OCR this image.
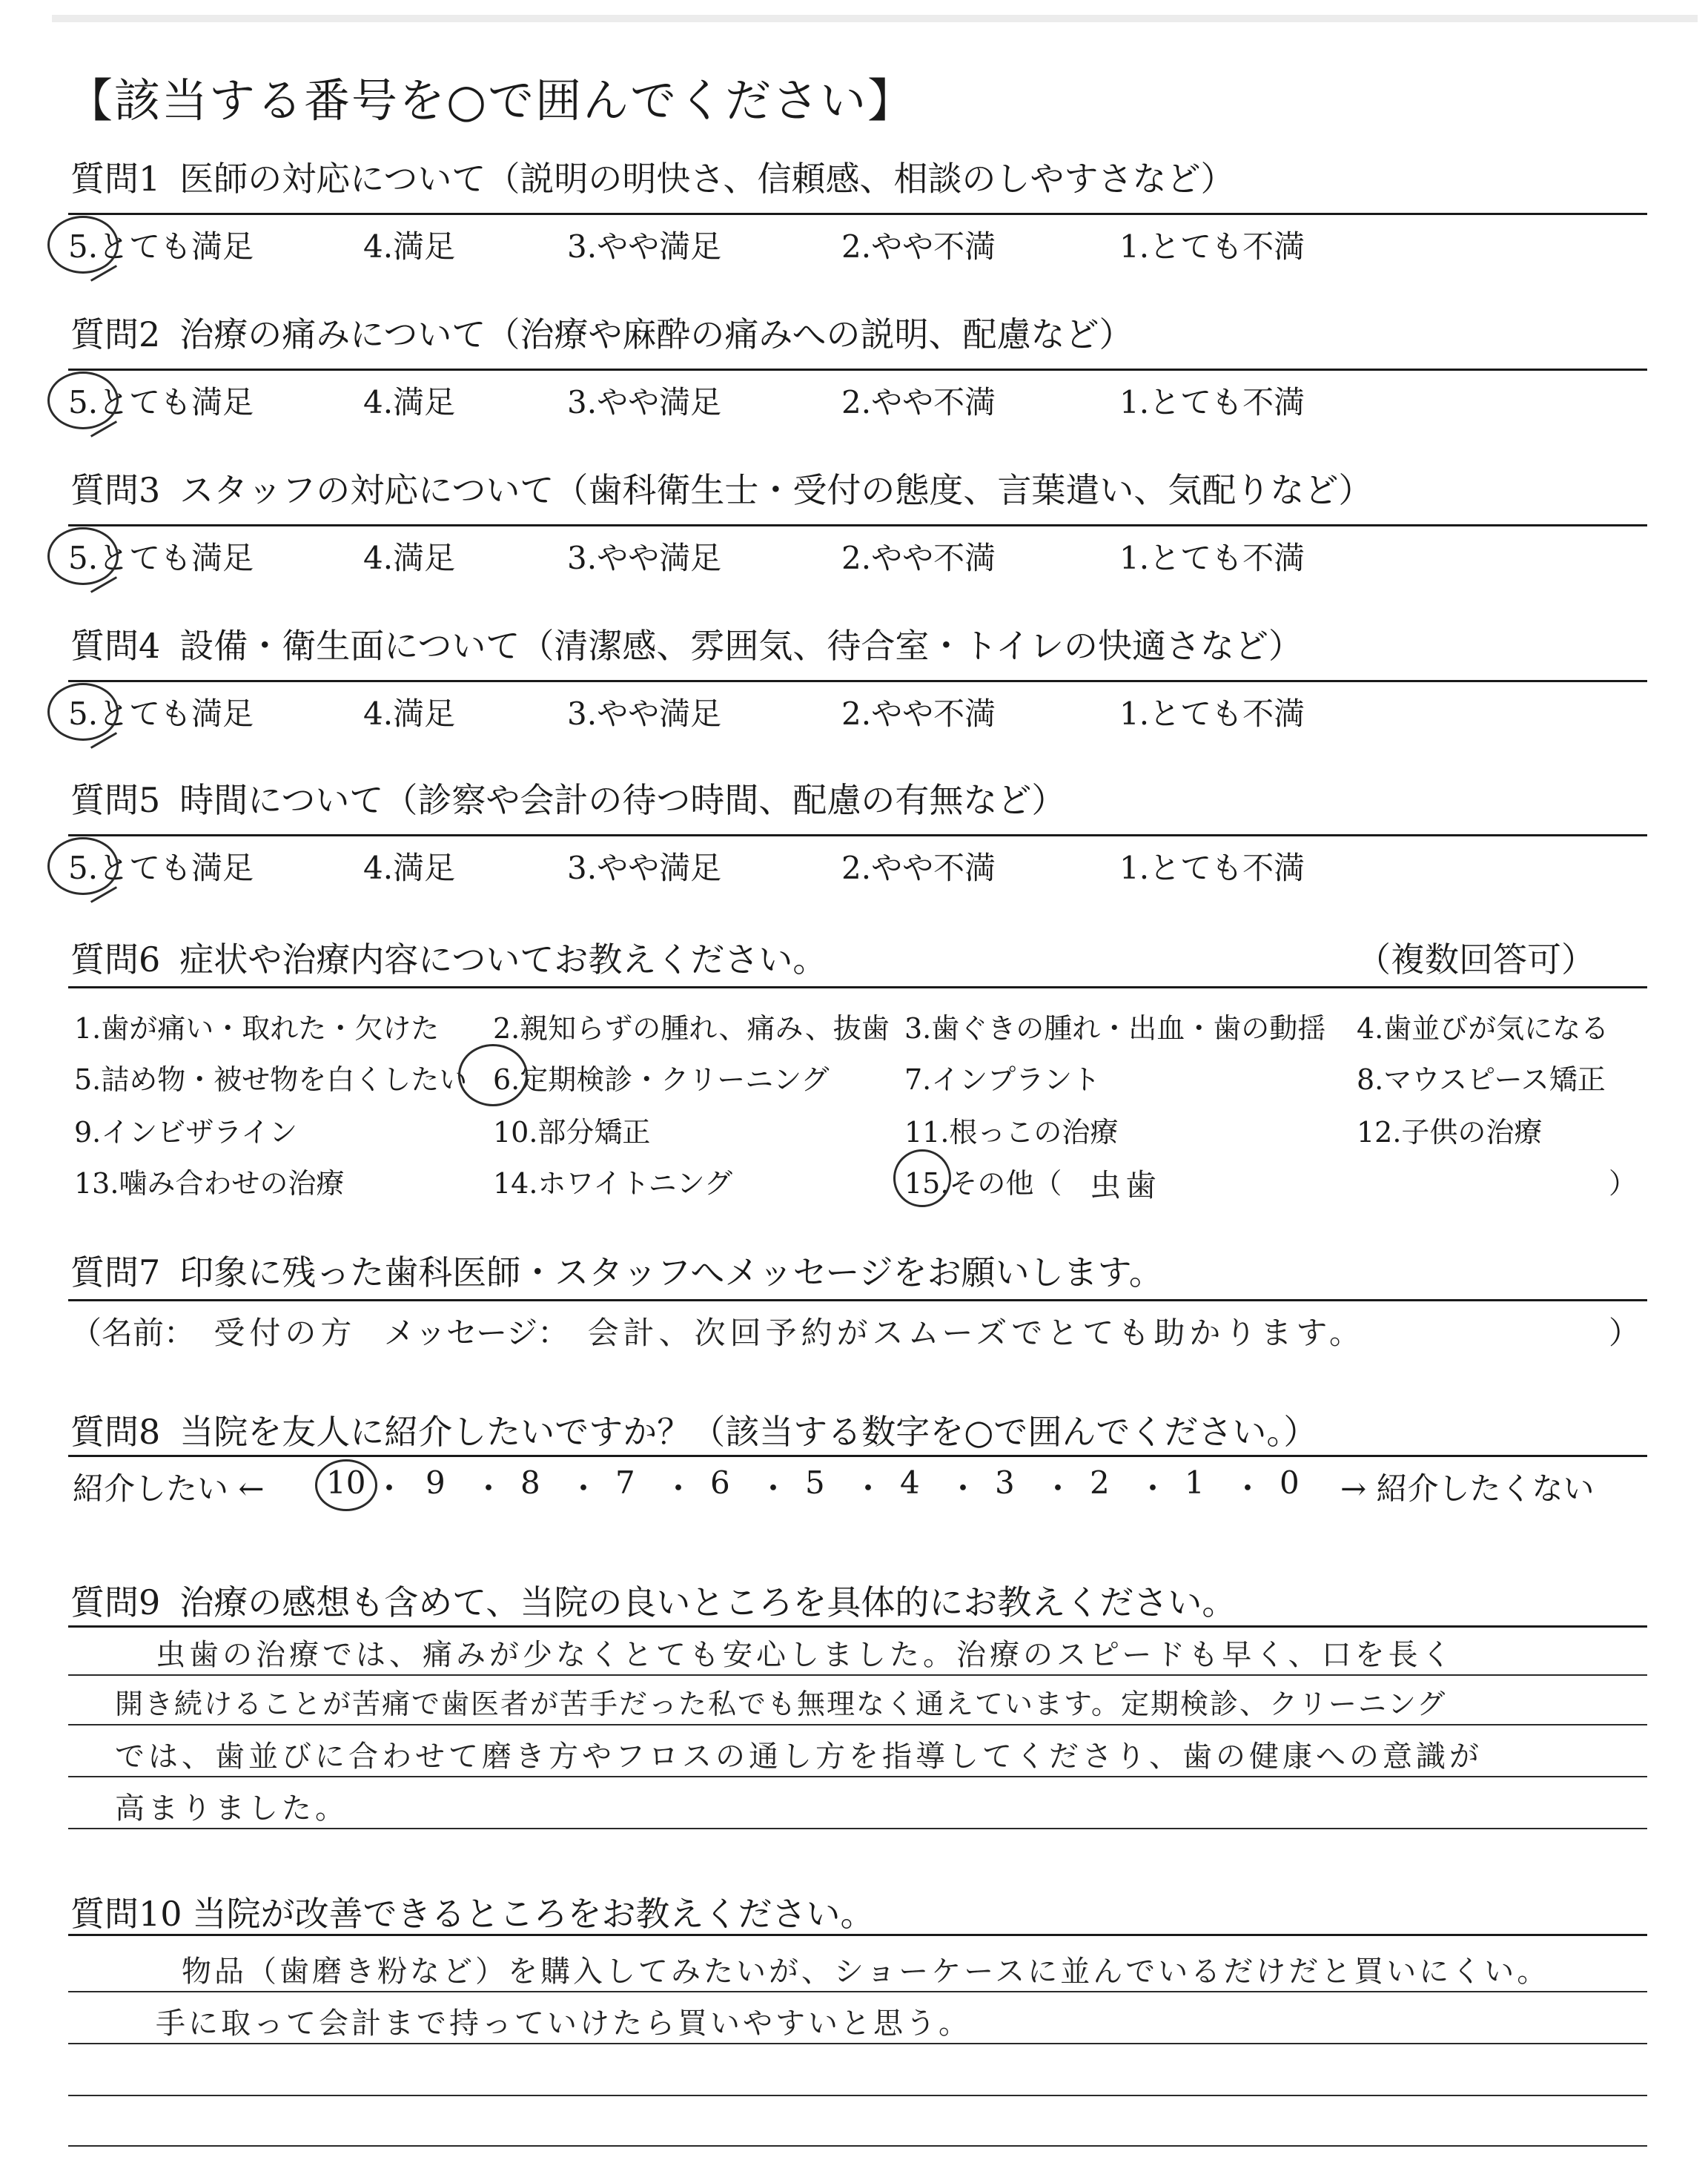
【該当する番号を○で囲んでください】
質問1 医師の対応について（説明の明快さ、信頼感、相談のしやすさなど）
5.とても満足	4.満足	3.やや満足	2.やや不満	1.とても不満
質問2 治療の痛みについて（治療や麻酔の痛みへの説明、配慮など）
5.とても満足	4.満足	3.やや満足	2.やや不満	1.とても不満
質問3 スタッフの対応について（歯科衛生士・受付の態度、言葉遣い、気配りなど）
5.とても満足	4.満足	3.やや満足	2.やや不満	1.とても不満
質問4 設備・衛生面について（清潔感、雰囲気、待合室・トイレの快適さなど）
5.とても満足	4.満足	3.やや満足	2.やや不満	1.とても不満
質問5 時間について（診察や会計の待つ時間、配慮の有無など）
5.とても満足	4.満足	3.やや満足	2.やや不満	1.とても不満
質問6 症状や治療内容についてお教えください。	（複数回答可）
1.歯が痛い・取れた・欠けた 2.親知らずの腫れ、痛み、抜歯 3.歯ぐきの腫れ・出血・歯の動揺 4.歯並びが気になる
5.詰め物・被せ物を白くしたい 6.定期検診・クリーニング	7.インプラント	8.マウスピース矯正
9.インビザライン	10.部分矯正	11.根っこの治療	12.子供の治療
13.噛み合わせの治療	14.ホワイトニング	15.その他（	）
虫歯
質問7 印象に残った歯科医師・スタッフへメッセージをお願いします。
（名前： 受付の方 メッセージ： 会計、次回予約がスムーズでとても助かります。	）
質問8 当院を友人に紹介したいですか？（該当する数字を○で囲んでください。）
紹介したい ←	→ 紹介したくない
10 ・ 9 ・ 8 ・ 7 ・ 6 ・ 5 ・ 4 ・ 3 ・ 2 ・ 1 ・ 0
質問9 治療の感想も含めて、当院の良いところを具体的にお教えください。
虫歯の治療では、痛みが少なくとても安心しました。治療のスピードも早く、口を長く
開き続けることが苦痛で歯医者が苦手だった私でも無理なく通えています。定期検診、クリーニング
では、歯並びに合わせて磨き方やフロスの通し方を指導してくださり、歯の健康への意識が
高まりました。
質問10 当院が改善できるところをお教えください。
物品（歯磨き粉など）を購入してみたいが、ショーケースに並んでいるだけだと買いにくい。
手に取って会計まで持っていけたら買いやすいと思う。
